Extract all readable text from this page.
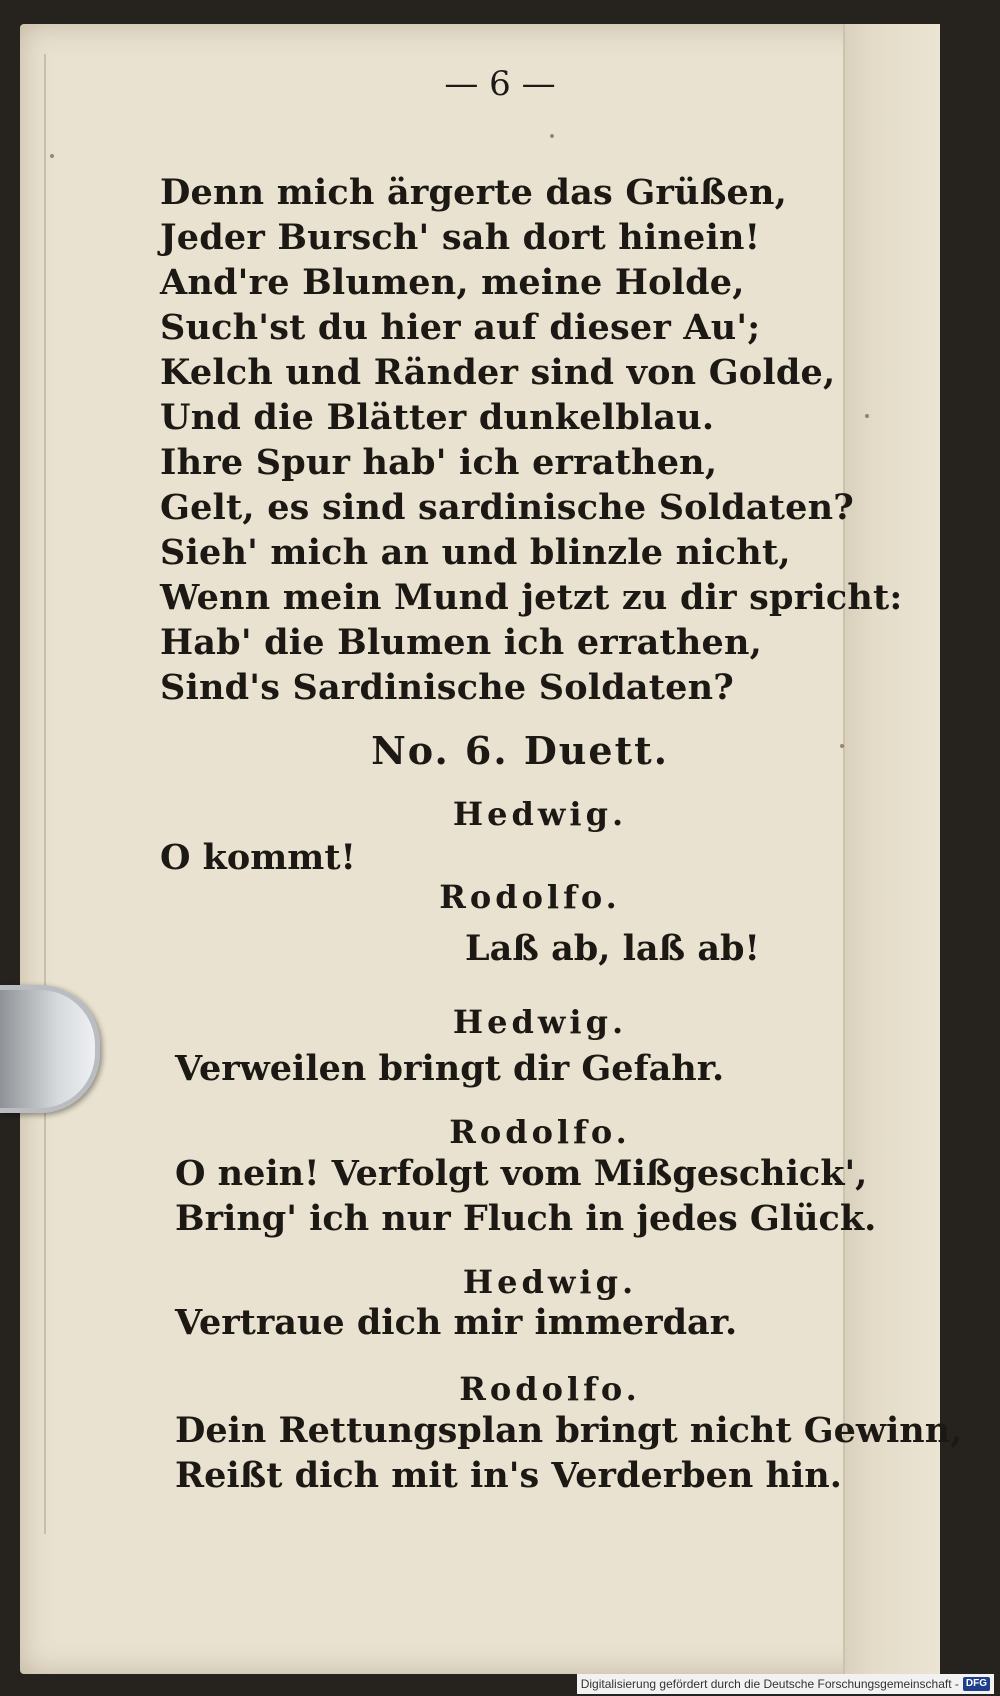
— 6 —
Denn mich ärgerte das Grüßen,
Jeder Bursch' sah dort hinein!
And're Blumen, meine Holde,
Such'st du hier auf dieser Au';
Kelch und Ränder sind von Golde,
Und die Blätter dunkelblau.
Ihre Spur hab' ich errathen,
Gelt, es sind sardinische Soldaten?
Sieh' mich an und blinzle nicht,
Wenn mein Mund jetzt zu dir spricht:
Hab' die Blumen ich errathen,
Sind's Sardinische Soldaten?
No. 6. Duett.
Hedwig.
O kommt!
Rodolfo.
Laß ab, laß ab!
Hedwig.
Verweilen bringt dir Gefahr.
Rodolfo.
O nein! Verfolgt vom Mißgeschick',
Bring' ich nur Fluch in jedes Glück.
Hedwig.
Vertraue dich mir immerdar.
Rodolfo.
Dein Rettungsplan bringt nicht Gewinn,
Reißt dich mit in's Verderben hin.
Digitalisierung gefördert durch die Deutsche Forschungsgemeinschaft - DFG
